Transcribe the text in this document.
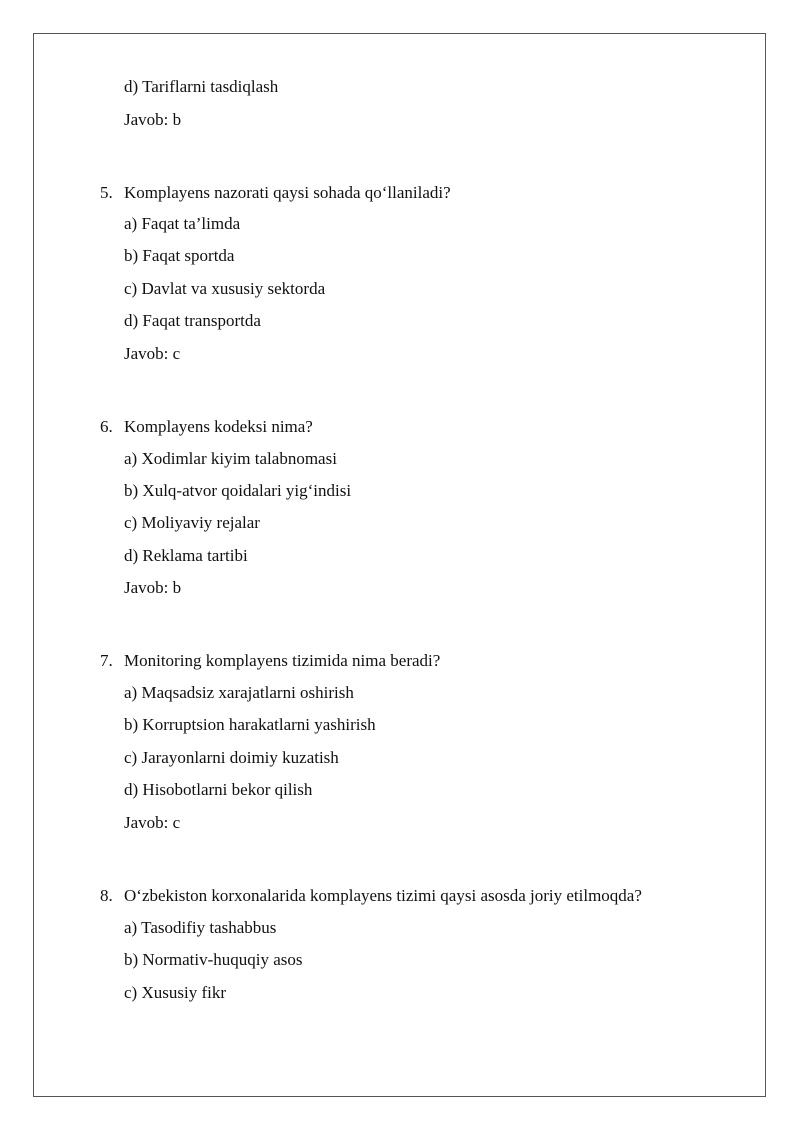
d) Tariflarni tasdiqlash
Javob: b
5. Komplayens nazorati qaysi sohada qo‘llaniladi?
a) Faqat ta’limda
b) Faqat sportda
c) Davlat va xususiy sektorda
d) Faqat transportda
Javob: c
6. Komplayens kodeksi nima?
a) Xodimlar kiyim talabnomasi
b) Xulq-atvor qoidalari yig‘indisi
c) Moliyaviy rejalar
d) Reklama tartibi
Javob: b
7. Monitoring komplayens tizimida nima beradi?
a) Maqsadsiz xarajatlarni oshirish
b) Korruptsion harakatlarni yashirish
c) Jarayonlarni doimiy kuzatish
d) Hisobotlarni bekor qilish
Javob: c
8. O‘zbekiston korxonalarida komplayens tizimi qaysi asosda joriy etilmoqda?
a) Tasodifiy tashabbus
b) Normativ-huquqiy asos
c) Xususiy fikr
